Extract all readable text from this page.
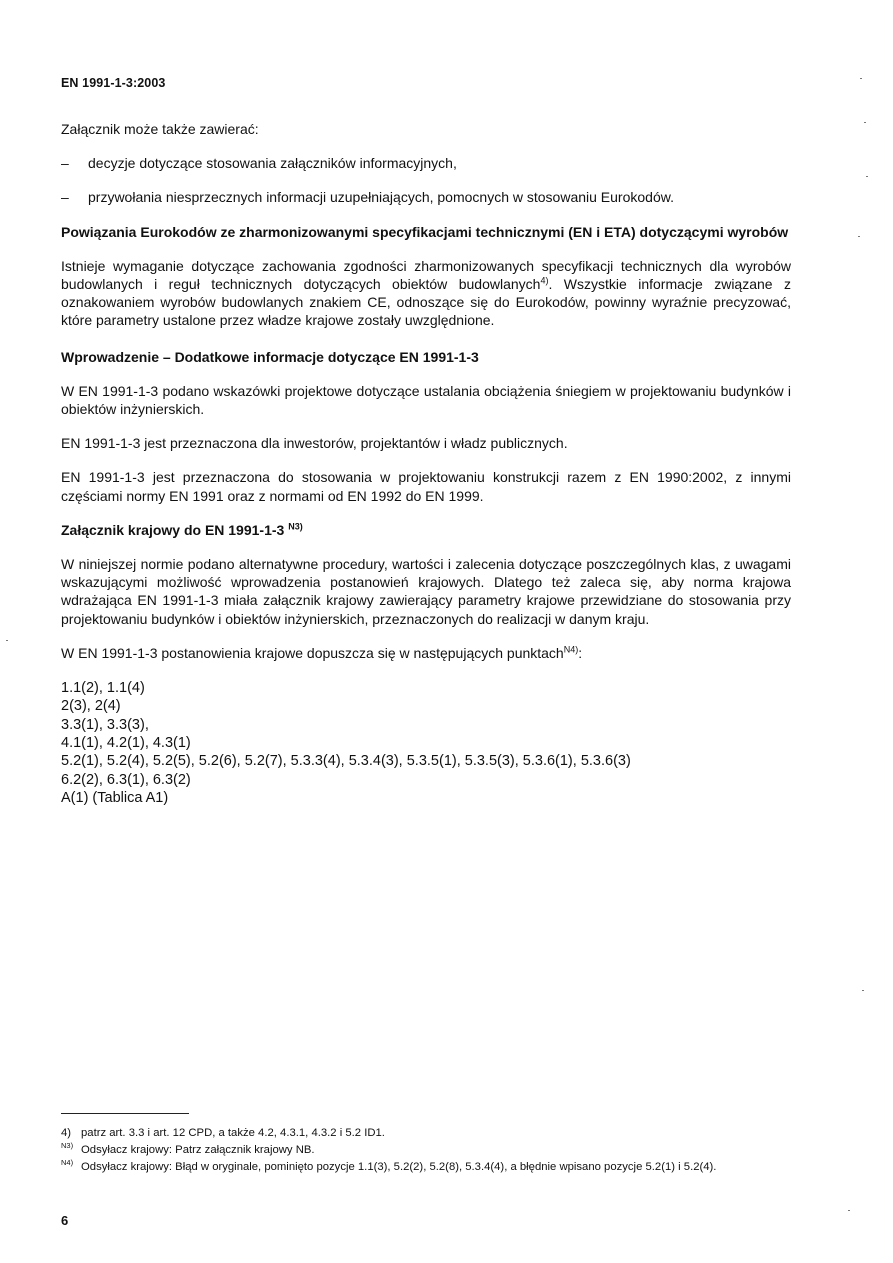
EN 1991-1-3:2003

Załącznik może także zawierać:

– decyzje dotyczące stosowania załączników informacyjnych,

– przywołania niesprzecznych informacji uzupełniających, pomocnych w stosowaniu Eurokodów.

Powiązania Eurokodów ze zharmonizowanymi specyfikacjami technicznymi (EN i ETA) dotyczącymi wyrobów

Istnieje wymaganie dotyczące zachowania zgodności zharmonizowanych specyfikacji technicznych dla wyrobów budowlanych i reguł technicznych dotyczących obiektów budowlanych$^{4)}$. Wszystkie informacje związane z oznakowaniem wyrobów budowlanych znakiem CE, odnoszące się do Eurokodów, powinny wyraźnie precyzować, które parametry ustalone przez władze krajowe zostały uwzględnione.

Wprowadzenie – Dodatkowe informacje dotyczące EN 1991-1-3

W EN 1991-1-3 podano wskazówki projektowe dotyczące ustalania obciążenia śniegiem w projektowaniu budynków i obiektów inżynierskich.

EN 1991-1-3 jest przeznaczona dla inwestorów, projektantów i władz publicznych.

EN 1991-1-3 jest przeznaczona do stosowania w projektowaniu konstrukcji razem z EN 1990:2002, z innymi częściami normy EN 1991 oraz z normami od EN 1992 do EN 1999.

Załącznik krajowy do EN 1991-1-3 $^{N3)}$

W niniejszej normie podano alternatywne procedury, wartości i zalecenia dotyczące poszczególnych klas, z uwagami wskazującymi możliwość wprowadzenia postanowień krajowych. Dlatego też zaleca się, aby norma krajowa wdrażająca EN 1991-1-3 miała załącznik krajowy zawierający parametry krajowe przewidziane do stosowania przy projektowaniu budynków i obiektów inżynierskich, przeznaczonych do realizacji w danym kraju.

W EN 1991-1-3 postanowienia krajowe dopuszcza się w następujących punktach$^{N4)}$:

1.1(2), 1.1(4)
2(3), 2(4)
3.3(1), 3.3(3),
4.1(1), 4.2(1), 4.3(1)
5.2(1), 5.2(4), 5.2(5), 5.2(6), 5.2(7), 5.3.3(4), 5.3.4(3), 5.3.5(1), 5.3.5(3), 5.3.6(1), 5.3.6(3)
6.2(2), 6.3(1), 6.3(2)
A(1) (Tablica A1)

4) patrz art. 3.3 i art. 12 CPD, a także 4.2, 4.3.1, 4.3.2 i 5.2 ID1.

$^{N3)}$ Odsyłacz krajowy: Patrz załącznik krajowy NB.

$^{N4)}$ Odsyłacz krajowy: Błąd w oryginale, pominięto pozycje 1.1(3), 5.2(2), 5.2(8), 5.3.4(4), a błędnie wpisano pozycje 5.2(1) i 5.2(4).

6
